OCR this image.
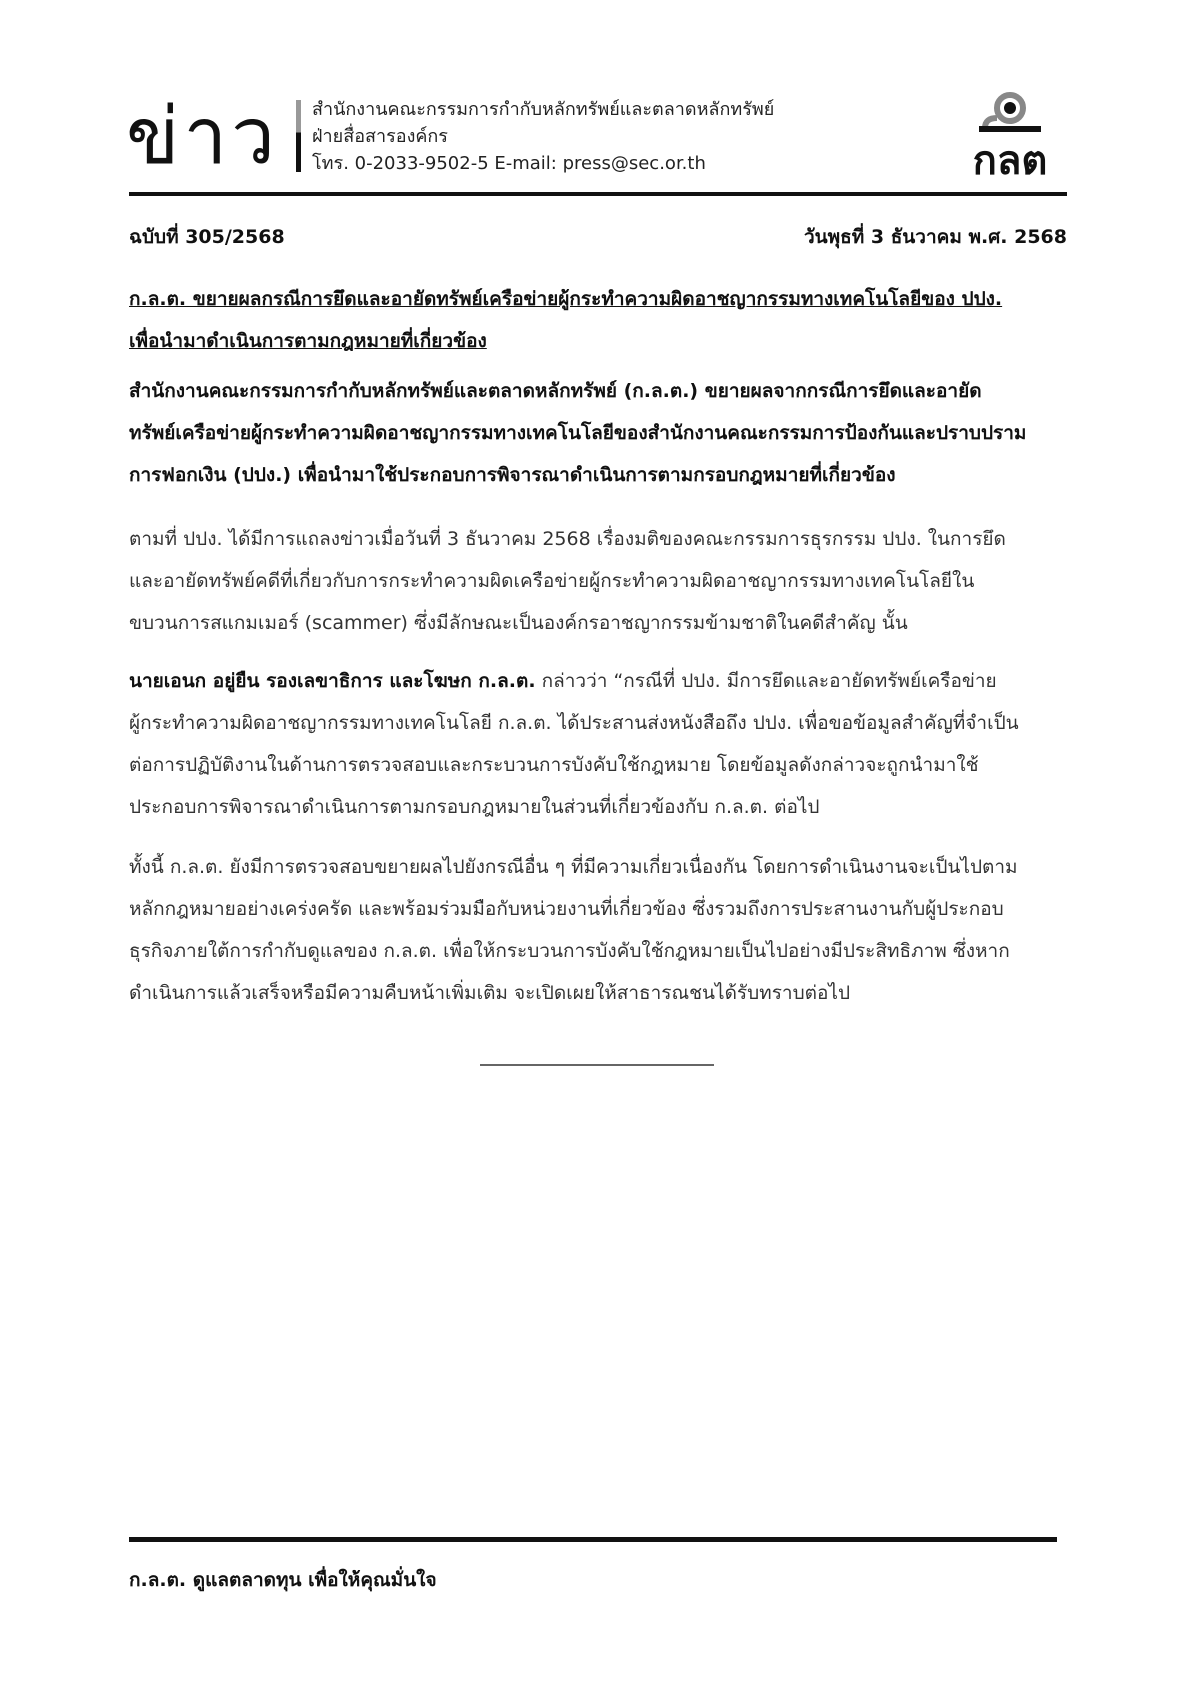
ข่าว สำนักงานคณะกรรมการกำกับหลักทรัพย์และตลาดหลักทรัพย์
ฝ่ายสื่อสารองค์กร
โทร. 0-2033-9502-5 E-mail: press@sec.or.th	กลต
ฉบับที่ 305/2568	วันพุธที่ 3 ธันวาคม พ.ศ. 2568
ก.ล.ต. ขยายผลกรณีการยึดและอายัดทรัพย์เครือข่ายผู้กระทำความผิดอาชญากรรมทางเทคโนโลยีของ ปปง.
เพื่อนำมาดำเนินการตามกฎหมายที่เกี่ยวข้อง
สำนักงานคณะกรรมการกำกับหลักทรัพย์และตลาดหลักทรัพย์ (ก.ล.ต.) ขยายผลจากกรณีการยึดและอายัด
ทรัพย์เครือข่ายผู้กระทำความผิดอาชญากรรมทางเทคโนโลยีของสำนักงานคณะกรรมการป้องกันและปราบปราม
การฟอกเงิน (ปปง.) เพื่อนำมาใช้ประกอบการพิจารณาดำเนินการตามกรอบกฎหมายที่เกี่ยวข้อง
ตามที่ ปปง. ได้มีการแถลงข่าวเมื่อวันที่ 3 ธันวาคม 2568 เรื่องมติของคณะกรรมการธุรกรรม ปปง. ในการยึด
และอายัดทรัพย์คดีที่เกี่ยวกับการกระทำความผิดเครือข่ายผู้กระทำความผิดอาชญากรรมทางเทคโนโลยีใน
ขบวนการสแกมเมอร์ (scammer) ซึ่งมีลักษณะเป็นองค์กรอาชญากรรมข้ามชาติในคดีสำคัญ นั้น
นายเอนก อยู่ยืน รองเลขาธิการ และโฆษก ก.ล.ต. กล่าวว่า “กรณีที่ ปปง. มีการยึดและอายัดทรัพย์เครือข่าย
ผู้กระทำความผิดอาชญากรรมทางเทคโนโลยี ก.ล.ต. ได้ประสานส่งหนังสือถึง ปปง. เพื่อขอข้อมูลสำคัญที่จำเป็น
ต่อการปฏิบัติงานในด้านการตรวจสอบและกระบวนการบังคับใช้กฎหมาย โดยข้อมูลดังกล่าวจะถูกนำมาใช้
ประกอบการพิจารณาดำเนินการตามกรอบกฎหมายในส่วนที่เกี่ยวข้องกับ ก.ล.ต. ต่อไป
ทั้งนี้ ก.ล.ต. ยังมีการตรวจสอบขยายผลไปยังกรณีอื่น ๆ ที่มีความเกี่ยวเนื่องกัน โดยการดำเนินงานจะเป็นไปตาม
หลักกฎหมายอย่างเคร่งครัด และพร้อมร่วมมือกับหน่วยงานที่เกี่ยวข้อง ซึ่งรวมถึงการประสานงานกับผู้ประกอบ
ธุรกิจภายใต้การกำกับดูแลของ ก.ล.ต. เพื่อให้กระบวนการบังคับใช้กฎหมายเป็นไปอย่างมีประสิทธิภาพ ซึ่งหาก
ดำเนินการแล้วเสร็จหรือมีความคืบหน้าเพิ่มเติม จะเปิดเผยให้สาธารณชนได้รับทราบต่อไป
ก.ล.ต. ดูแลตลาดทุน เพื่อให้คุณมั่นใจ
